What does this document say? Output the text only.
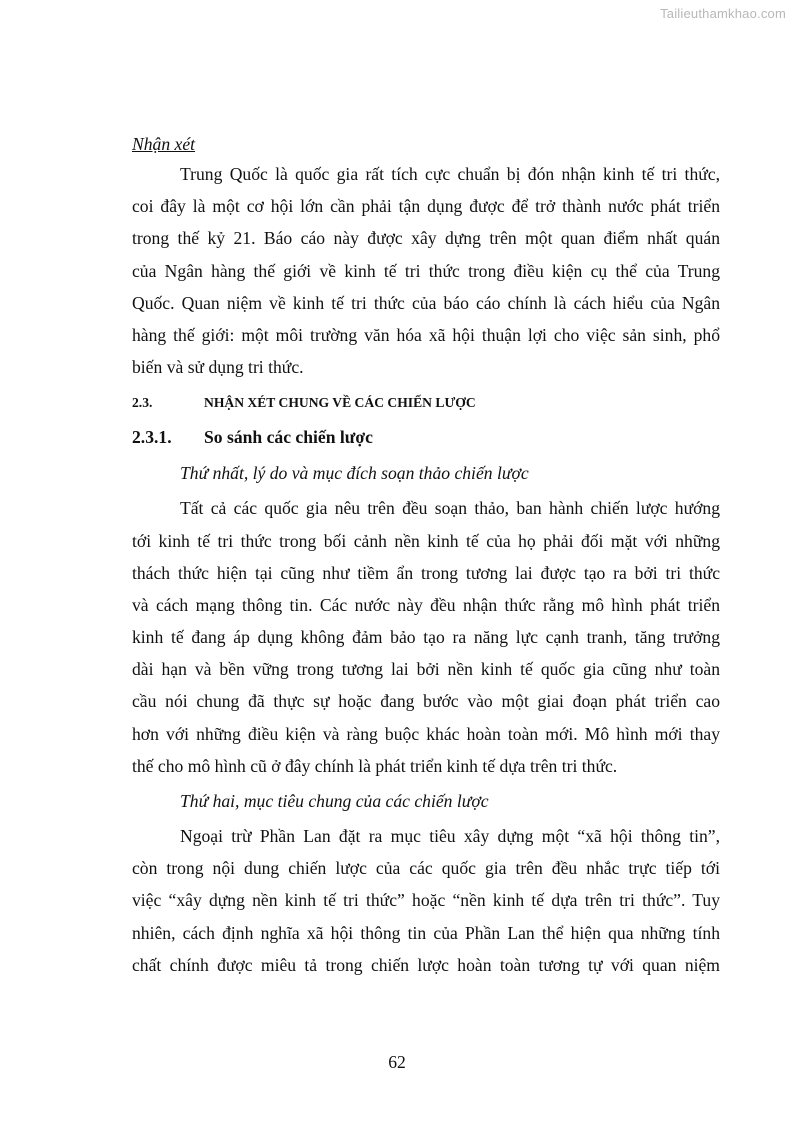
Tailieuthamkhao.com
Nhận xét
Trung Quốc là quốc gia rất tích cực chuẩn bị đón nhận kinh tế tri thức,
coi đây là một cơ hội lớn cần phải tận dụng được để trở thành nước phát triển
trong thế kỷ 21. Báo cáo này được xây dựng trên một quan điểm nhất quán
của Ngân hàng thế giới về kinh tế tri thức trong điều kiện cụ thể của Trung
Quốc. Quan niệm về kinh tế tri thức của báo cáo chính là cách hiểu của Ngân
hàng thế giới: một môi trường văn hóa xã hội thuận lợi cho việc sản sinh, phổ
biến và sử dụng tri thức.
2.3.	NHẬN XÉT CHUNG VỀ CÁC CHIẾN LƯỢC
2.3.1.	So sánh các chiến lược
Thứ nhất, lý do và mục đích soạn thảo chiến lược
Tất cả các quốc gia nêu trên đều soạn thảo, ban hành chiến lược hướng
tới kinh tế tri thức trong bối cảnh nền kinh tế của họ phải đối mặt với những
thách thức hiện tại cũng như tiềm ẩn trong tương lai được tạo ra bởi tri thức
và cách mạng thông tin. Các nước này đều nhận thức rằng mô hình phát triển
kinh tế đang áp dụng không đảm bảo tạo ra năng lực cạnh tranh, tăng trưởng
dài hạn và bền vững trong tương lai bởi nền kinh tế quốc gia cũng như toàn
cầu nói chung đã thực sự hoặc đang bước vào một giai đoạn phát triển cao
hơn với những điều kiện và ràng buộc khác hoàn toàn mới. Mô hình mới thay
thế cho mô hình cũ ở đây chính là phát triển kinh tế dựa trên tri thức.
Thứ hai, mục tiêu chung của các chiến lược
Ngoại trừ Phần Lan đặt ra mục tiêu xây dựng một “xã hội thông tin”,
còn trong nội dung chiến lược của các quốc gia trên đều nhắc trực tiếp tới
việc “xây dựng nền kinh tế tri thức” hoặc “nền kinh tế dựa trên tri thức”. Tuy
nhiên, cách định nghĩa xã hội thông tin của Phần Lan thể hiện qua những tính
chất chính được miêu tả trong chiến lược hoàn toàn tương tự với quan niệm
62
